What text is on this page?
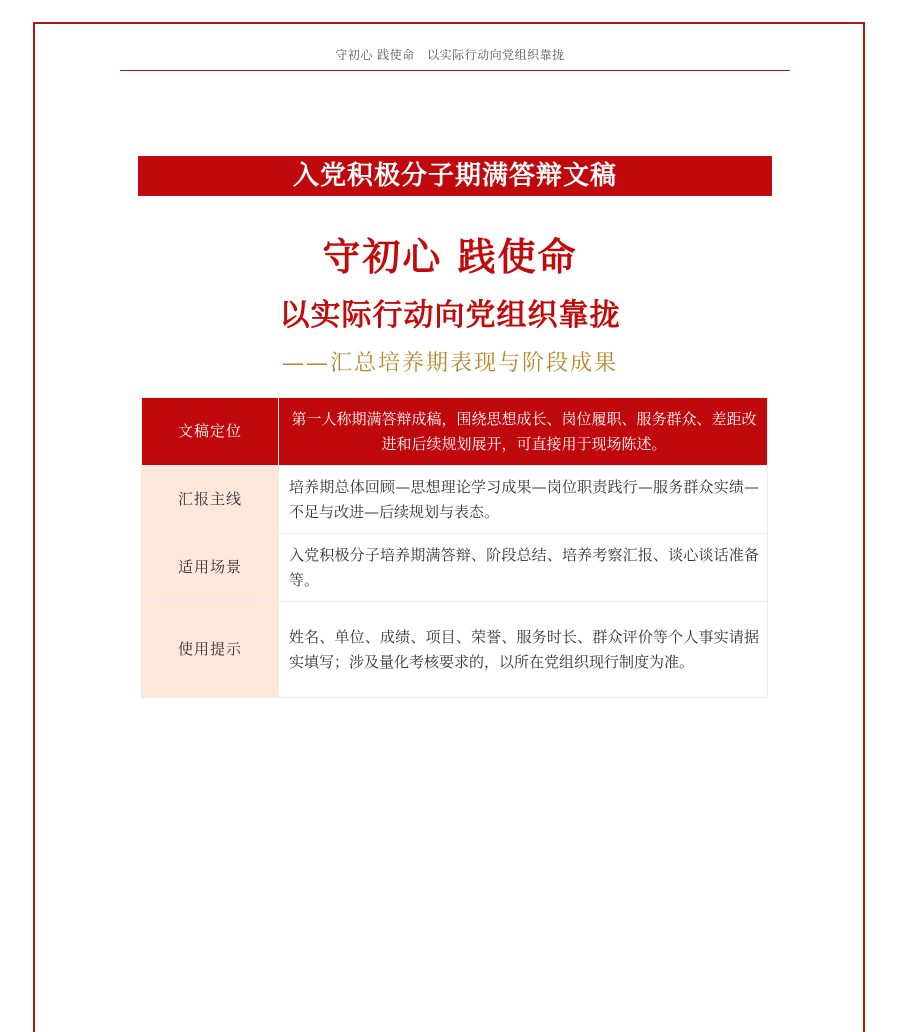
守初心 践使命　以实际行动向党组织靠拢
入党积极分子期满答辩文稿
守初心 践使命
以实际行动向党组织靠拢
——汇总培养期表现与阶段成果
文稿定位	第一人称期满答辩成稿，围绕思想成长、岗位履职、服务群众、差距改进和后续规划展开，可直接用于现场陈述。
汇报主线	培养期总体回顾—思想理论学习成果—岗位职责践行—服务群众实绩—不足与改进—后续规划与表态。
适用场景	入党积极分子培养期满答辩、阶段总结、培养考察汇报、谈心谈话准备等。
使用提示	姓名、单位、成绩、项目、荣誉、服务时长、群众评价等个人事实请据实填写；涉及量化考核要求的，以所在党组织现行制度为准。
